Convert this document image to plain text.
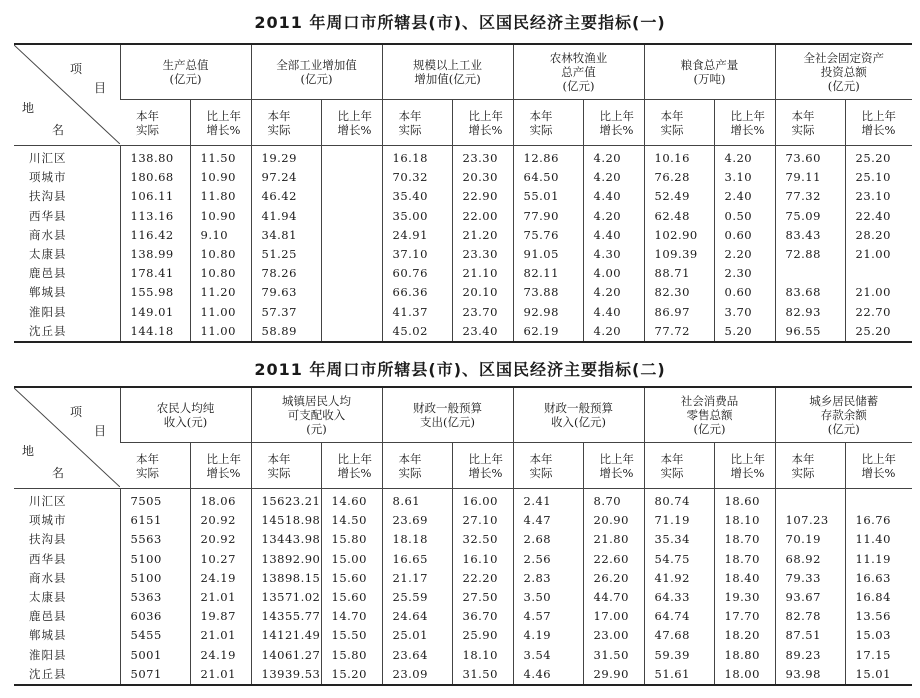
2011 年周口市所辖县(市)、区国民经济主要指标(一)
项
目
地
名	生产总值
(亿元)		全部工业增加值
(亿元)		规模以上工业
增加值(亿元)		农林牧渔业
总产值
(亿元)		粮食总产量
(万吨)		全社会固定资产
投资总额
(亿元)	
	本年
实际	比上年
增长%	本年
实际	比上年
增长%	本年
实际	比上年
增长%	本年
实际	比上年
增长%	本年
实际	比上年
增长%	本年
实际	比上年
增长%
川汇区	138.80	11.50	19.29		16.18	23.30	12.86	4.20	10.16	4.20	73.60	25.20
项城市	180.68	10.90	97.24		70.32	20.30	64.50	4.20	76.28	3.10	79.11	25.10
扶沟县	106.11	11.80	46.42		35.40	22.90	55.01	4.40	52.49	2.40	77.32	23.10
西华县	113.16	10.90	41.94		35.00	22.00	77.90	4.20	62.48	0.50	75.09	22.40
商水县	116.42	9.10	34.81		24.91	21.20	75.76	4.40	102.90	0.60	83.43	28.20
太康县	138.99	10.80	51.25		37.10	23.30	91.05	4.30	109.39	2.20	72.88	21.00
鹿邑县	178.41	10.80	78.26		60.76	21.10	82.11	4.00	88.71	2.30		
郸城县	155.98	11.20	79.63		66.36	20.10	73.88	4.20	82.30	0.60	83.68	21.00
淮阳县	149.01	11.00	57.37		41.37	23.70	92.98	4.40	86.97	3.70	82.93	22.70
沈丘县	144.18	11.00	58.89		45.02	23.40	62.19	4.20	77.72	5.20	96.55	25.20
2011 年周口市所辖县(市)、区国民经济主要指标(二)
项
目
地
名	农民人均纯
收入(元)		城镇居民人均
可支配收入
(元)		财政一般预算
支出(亿元)		财政一般预算
收入(亿元)		社会消费品
零售总额
(亿元)		城乡居民储蓄
存款余额
(亿元)	
	本年
实际	比上年
增长%	本年
实际	比上年
增长%	本年
实际	比上年
增长%	本年
实际	比上年
增长%	本年
实际	比上年
增长%	本年
实际	比上年
增长%
川汇区	7505	18.06	15623.21	14.60	8.61	16.00	2.41	8.70	80.74	18.60		
项城市	6151	20.92	14518.98	14.50	23.69	27.10	4.47	20.90	71.19	18.10	107.23	16.76
扶沟县	5563	20.92	13443.98	15.80	18.18	32.50	2.68	21.80	35.34	18.70	70.19	11.40
西华县	5100	10.27	13892.90	15.00	16.65	16.10	2.56	22.60	54.75	18.70	68.92	11.19
商水县	5100	24.19	13898.15	15.60	21.17	22.20	2.83	26.20	41.92	18.40	79.33	16.63
太康县	5363	21.01	13571.02	15.60	25.59	27.50	3.50	44.70	64.33	19.30	93.67	16.84
鹿邑县	6036	19.87	14355.77	14.70	24.64	36.70	4.57	17.00	64.74	17.70	82.78	13.56
郸城县	5455	21.01	14121.49	15.50	25.01	25.90	4.19	23.00	47.68	18.20	87.51	15.03
淮阳县	5001	24.19	14061.27	15.80	23.64	18.10	3.54	31.50	59.39	18.80	89.23	17.15
沈丘县	5071	21.01	13939.53	15.20	23.09	31.50	4.46	29.90	51.61	18.00	93.98	15.01
